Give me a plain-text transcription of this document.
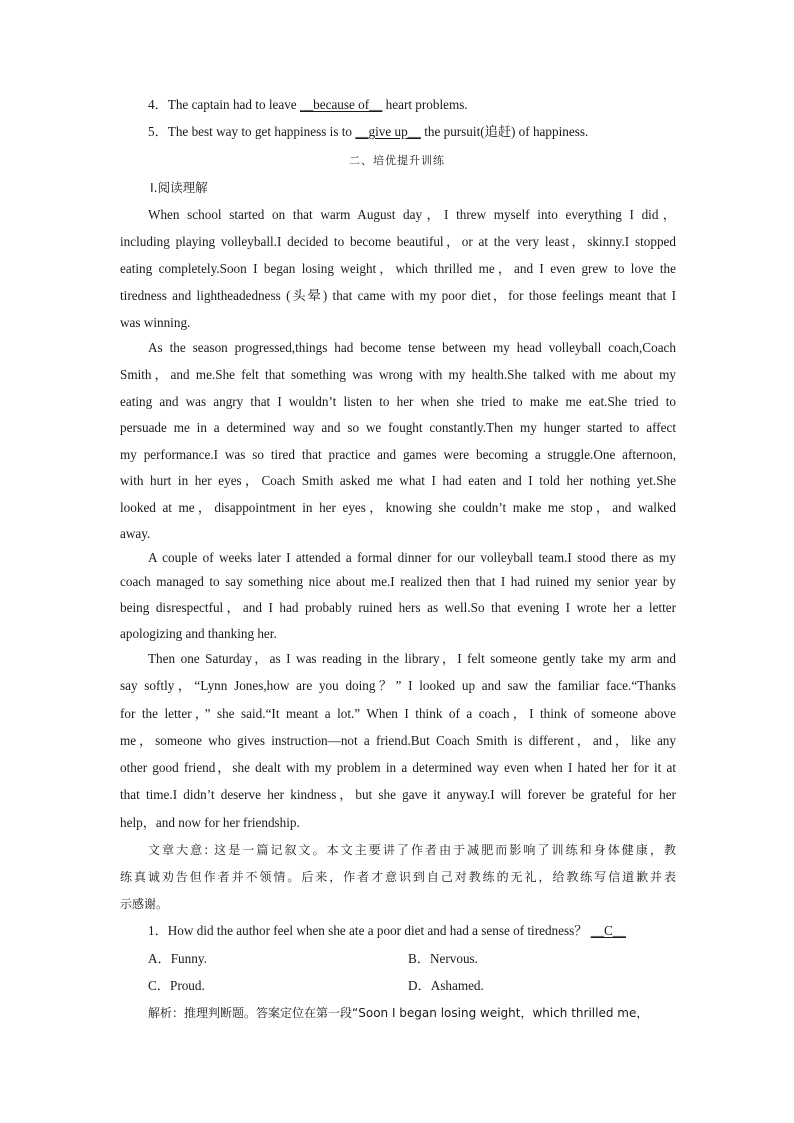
4．The captain had to leave __because of__ heart problems.
5．The best way to get happiness is to __give up__ the pursuit(追赶) of happiness.
二、培优提升训练
Ⅰ.阅读理解
When school started on that warm August day，I threw myself into everything I did，
including playing volleyball.I decided to become beautiful，or at the very least，skinny.I stopped
eating completely.Soon I began losing weight，which thrilled me，and I even grew to love the
tiredness and lightheadedness (头晕) that came with my poor diet，for those feelings meant that I
was winning.
As the season progressed,things had become tense between my head volleyball coach,Coach
Smith，and me.She felt that something was wrong with my health.She talked with me about my
eating and was angry that I wouldn’t listen to her when she tried to make me eat.She tried to
persuade me in a determined way and so we fought constantly.Then my hunger started to affect
my performance.I was so tired that practice and games were becoming a struggle.One afternoon,
with hurt in her eyes，Coach Smith asked me what I had eaten and I told her nothing yet.She
looked at me，disappointment in her eyes，knowing she couldn’t make me stop，and walked
away.
A couple of weeks later I attended a formal dinner for our volleyball team.I stood there as my
coach managed to say something nice about me.I realized then that I had ruined my senior year by
being disrespectful，and I had probably ruined hers as well.So that evening I wrote her a letter
apologizing and thanking her.
Then one Saturday，as I was reading in the library，I felt someone gently take my arm and
say softly，“Lynn Jones,how are you doing？” I looked up and saw the familiar face.“Thanks
for the letter，” she said.“It meant a lot.” When I think of a coach，I think of someone above
me，someone who gives instruction—not a friend.But Coach Smith is different，and，like any
other good friend，she dealt with my problem in a determined way even when I hated her for it at
that time.I didn’t deserve her kindness，but she gave it anyway.I will forever be grateful for her
help，and now for her friendship.
文章大意: 这是一篇记叙文。本文主要讲了作者由于减肥而影响了训练和身体健康，教
练真诚劝告但作者并不领情。后来，作者才意识到自己对教练的无礼，给教练写信道歉并表
示感谢。
1．How did the author feel when she ate a poor diet and had a sense of tiredness？ __C__
A．Funny.	B．Nervous.
C．Proud.	D．Ashamed.
解析：推理判断题。答案定位在第一段“Soon I began losing weight，which thrilled me，
